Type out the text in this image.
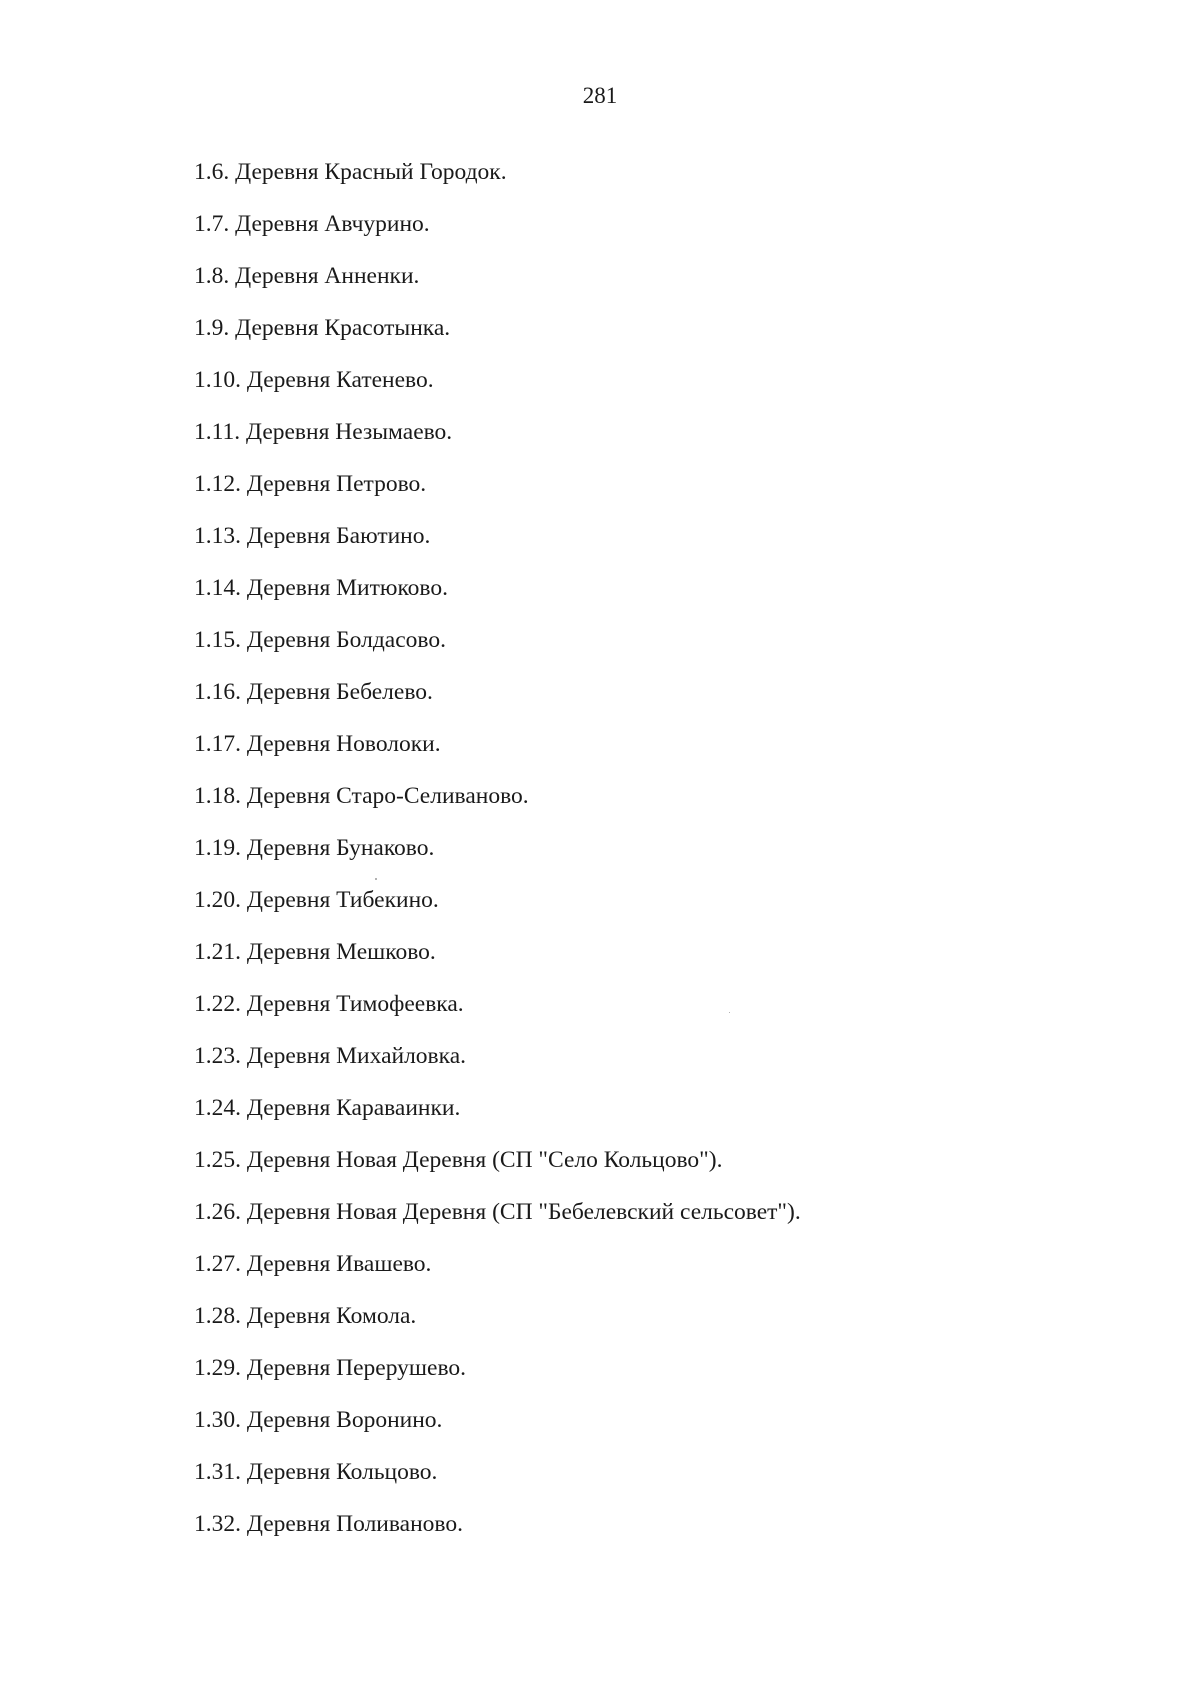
281
1.6. Деревня Красный Городок.
1.7. Деревня Авчурино.
1.8. Деревня Анненки.
1.9. Деревня Красотынка.
1.10. Деревня Катенево.
1.11. Деревня Незымаево.
1.12. Деревня Петрово.
1.13. Деревня Баютино.
1.14. Деревня Митюково.
1.15. Деревня Болдасово.
1.16. Деревня Бебелево.
1.17. Деревня Новолоки.
1.18. Деревня Старо-Селиваново.
1.19. Деревня Бунаково.
1.20. Деревня Тибекино.
1.21. Деревня Мешково.
1.22. Деревня Тимофеевка.
1.23. Деревня Михайловка.
1.24. Деревня Караваинки.
1.25. Деревня Новая Деревня (СП "Село Кольцово").
1.26. Деревня Новая Деревня (СП "Бебелевский сельсовет").
1.27. Деревня Ивашево.
1.28. Деревня Комола.
1.29. Деревня Перерушево.
1.30. Деревня Воронино.
1.31. Деревня Кольцово.
1.32. Деревня Поливаново.
